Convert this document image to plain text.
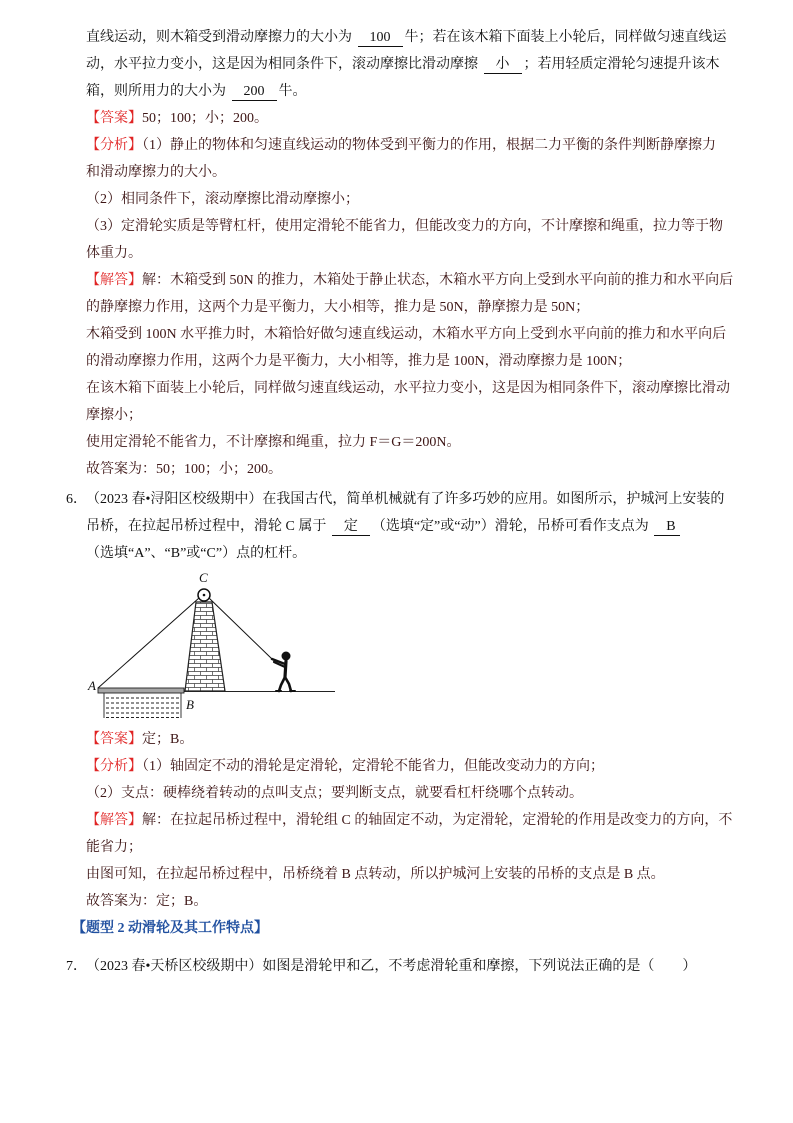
直线运动，则木箱受到滑动摩擦力的大小为 100 牛；若在该木箱下面装上小轮后，同样做匀速直线运
动，水平拉力变小，这是因为相同条件下，滚动摩擦比滑动摩擦 小 ；若用轻质定滑轮匀速提升该木
箱，则所用力的大小为 200 牛。
【答案】50；100；小；200。
【分析】（1）静止的物体和匀速直线运动的物体受到平衡力的作用，根据二力平衡的条件判断静摩擦力
和滑动摩擦力的大小。
（2）相同条件下，滚动摩擦比滑动摩擦小；
（3）定滑轮实质是等臂杠杆，使用定滑轮不能省力，但能改变力的方向，不计摩擦和绳重，拉力等于物
体重力。
【解答】解：木箱受到 50N 的推力，木箱处于静止状态，木箱水平方向上受到水平向前的推力和水平向后
的静摩擦力作用，这两个力是平衡力，大小相等，推力是 50N，静摩擦力是 50N；
木箱受到 100N 水平推力时，木箱恰好做匀速直线运动，木箱水平方向上受到水平向前的推力和水平向后
的滑动摩擦力作用，这两个力是平衡力，大小相等，推力是 100N，滑动摩擦力是 100N；
在该木箱下面装上小轮后，同样做匀速直线运动，水平拉力变小，这是因为相同条件下，滚动摩擦比滑动
摩擦小；
使用定滑轮不能省力，不计摩擦和绳重，拉力 F＝G＝200N。
故答案为：50；100；小；200。
6． （2023 春•浔阳区校级期中）在我国古代，简单机械就有了许多巧妙的应用。如图所示，护城河上安装的
吊桥，在拉起吊桥过程中，滑轮 C 属于 定 （选填“定”或“动”）滑轮，吊桥可看作支点为 B
（选填“A”、“B”或“C”）点的杠杆。
C
A
B
【答案】定；B。
【分析】（1）轴固定不动的滑轮是定滑轮，定滑轮不能省力，但能改变动力的方向；
（2）支点：硬棒绕着转动的点叫支点；要判断支点，就要看杠杆绕哪个点转动。
【解答】解：在拉起吊桥过程中，滑轮组 C 的轴固定不动，为定滑轮，定滑轮的作用是改变力的方向，不
能省力；
由图可知，在拉起吊桥过程中，吊桥绕着 B 点转动，所以护城河上安装的吊桥的支点是 B 点。
故答案为：定；B。
【题型 2 动滑轮及其工作特点】
7． （2023 春•天桥区校级期中）如图是滑轮甲和乙，不考虑滑轮重和摩擦，下列说法正确的是（　　）
